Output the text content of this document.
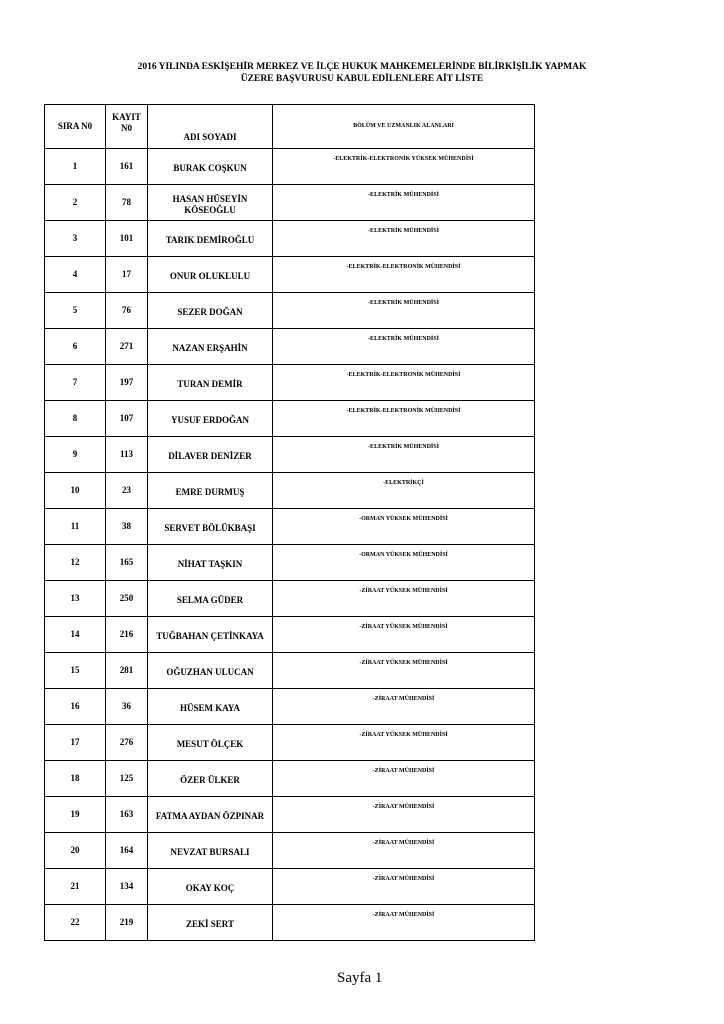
2016 YILINDA ESKİŞEHİR MERKEZ VE İLÇE HUKUK MAHKEMELERİNDE BİLİRKİŞİLİK YAPMAK
ÜZERE BAŞVURUSU KABUL EDİLENLERE AİT LİSTE
SIRA N0	KAYIT N0	ADI SOYADI	BÖLÜM VE UZMANLIK ALANLARI
1	161	BURAK COŞKUN	-ELEKTRİK-ELEKTRONİK YÜKSEK MÜHENDİSİ
2	78	HASAN HÜSEYİN KÖSEOĞLU	-ELEKTRİK MÜHENDİSİ
3	101	TARIK DEMİROĞLU	-ELEKTRİK MÜHENDİSİ
4	17	ONUR OLUKLULU	-ELEKTRİK-ELEKTRONİK MÜHENDİSİ
5	76	SEZER DOĞAN	-ELEKTRİK MÜHENDİSİ
6	271	NAZAN ERŞAHİN	-ELEKTRİK MÜHENDİSİ
7	197	TURAN DEMİR	-ELEKTRİK-ELEKTRONİK MÜHENDİSİ
8	107	YUSUF ERDOĞAN	-ELEKTRİK-ELEKTRONİK MÜHENDİSİ
9	113	DİLAVER DENİZER	-ELEKTRİK MÜHENDİSİ
10	23	EMRE DURMUŞ	-ELEKTRİKÇİ
11	38	SERVET BÖLÜKBAŞI	-ORMAN YÜKSEK MÜHENDİSİ
12	165	NİHAT TAŞKIN	-ORMAN YÜKSEK MÜHENDİSİ
13	250	SELMA GÜDER	-ZİRAAT YÜKSEK MÜHENDİSİ
14	216	TUĞBAHAN ÇETİNKAYA	-ZİRAAT YÜKSEK MÜHENDİSİ
15	281	OĞUZHAN ULUCAN	-ZİRAAT YÜKSEK MÜHENDİSİ
16	36	HÜSEM KAYA	-ZİRAAT MÜHENDİSİ
17	276	MESUT ÖLÇEK	-ZİRAAT YÜKSEK MÜHENDİSİ
18	125	ÖZER ÜLKER	-ZİRAAT MÜHENDİSİ
19	163	FATMA AYDAN ÖZPINAR	-ZİRAAT MÜHENDİSİ
20	164	NEVZAT BURSALI	-ZİRAAT MÜHENDİSİ
21	134	OKAY KOÇ	-ZİRAAT MÜHENDİSİ
22	219	ZEKİ SERT	-ZİRAAT MÜHENDİSİ
Sayfa 1
